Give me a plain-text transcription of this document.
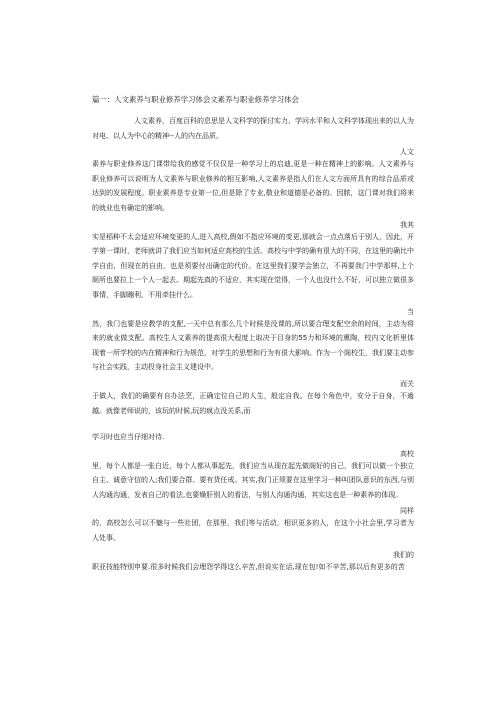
篇一：人文素养与职业修养学习体会文素养与职业修养学习体会

人文素养，百度百科的息思是人文科学的探讨实力、学问水平和人文科学体现出来的以人为对电、以人为中心的精神--人的内在品质。

人文

素养与职业修养这门课带给我的感觉不仅仅是一种学习上的启迪,更是一种在精神上的影响。人文素养与职业修养可以说明为人文素养与职业修养的相互影响,人文素养是指人们在人文方面所具有的综合品质或达到的发展程度。职业素养是专业第一位,但是除了专业,敬业和道德是必备的。因脓，这门课对我们将来的就业也有确定的影响。

我其

实是稻种不太会适应环境变更的人,进入高校,假如不指应环境的变更,那就会一点点落后于别人，因此，开学第一课时，老师就讲了我们应当如何适应高校的生活。高校与中学的确有很大的不同，在这里的确比中学自由，但现在的自由，也是须要付出确定的代价。在这里我们要学会独立，不再要我门中学那样,上个厕所也要拉上一个人一起去。期起先真的不适应，其实现在觉得，一个人也没什么不好，可以独立做很多事情，手脚蹦利，不用牵挂什么。

当

然，我门也要是应教学的支配,一天中总有那么几个时候是没课的,所以要合理支配空余的时间，主动为将来的就业做支配。高校生人文素养的提高很大程度上取决于目身的55力和环境的熏陶，校内文化析里体现着一所学校的内在精神和行为规范，对学生的思想和行为有很大影响。作为一个阁校生，我们要主动参与社会实践，主动投身社会主义建设中。

而关

于做人，我们的确要有自办法烹，正确定位自己的人生，般定自我。在每个角色中，安分于自身，不逾越。就像老师说的，该玩的时候,玩的疯点没关系,而

学习时也应当仔细对待.

高校

里，每个人都是一张白近，每个人都从事起先，我们应当从现在起先做阁好的自己，我们可以做一个独立自主、诚意守信的人;我们要合群、要有货任戒。其实,我门正须要在这里学习一种叫团队意识的东西,与别人沟通沟通，发表自己的看法,也要燥肝别人的看法，与别人沟通沟通，其实这也是一种素养的体现。

同样

的，高校怎么可以不魅与一些社团，在那里，我们等与活动，相识更多的人，在这个小社会里,学习者为人处事。

我们的

职亚技能特别申要.很多时候我们会埋怨学得这么辛苦,但说实在话,现在包!如不辛苦,那以后有更多的苦
